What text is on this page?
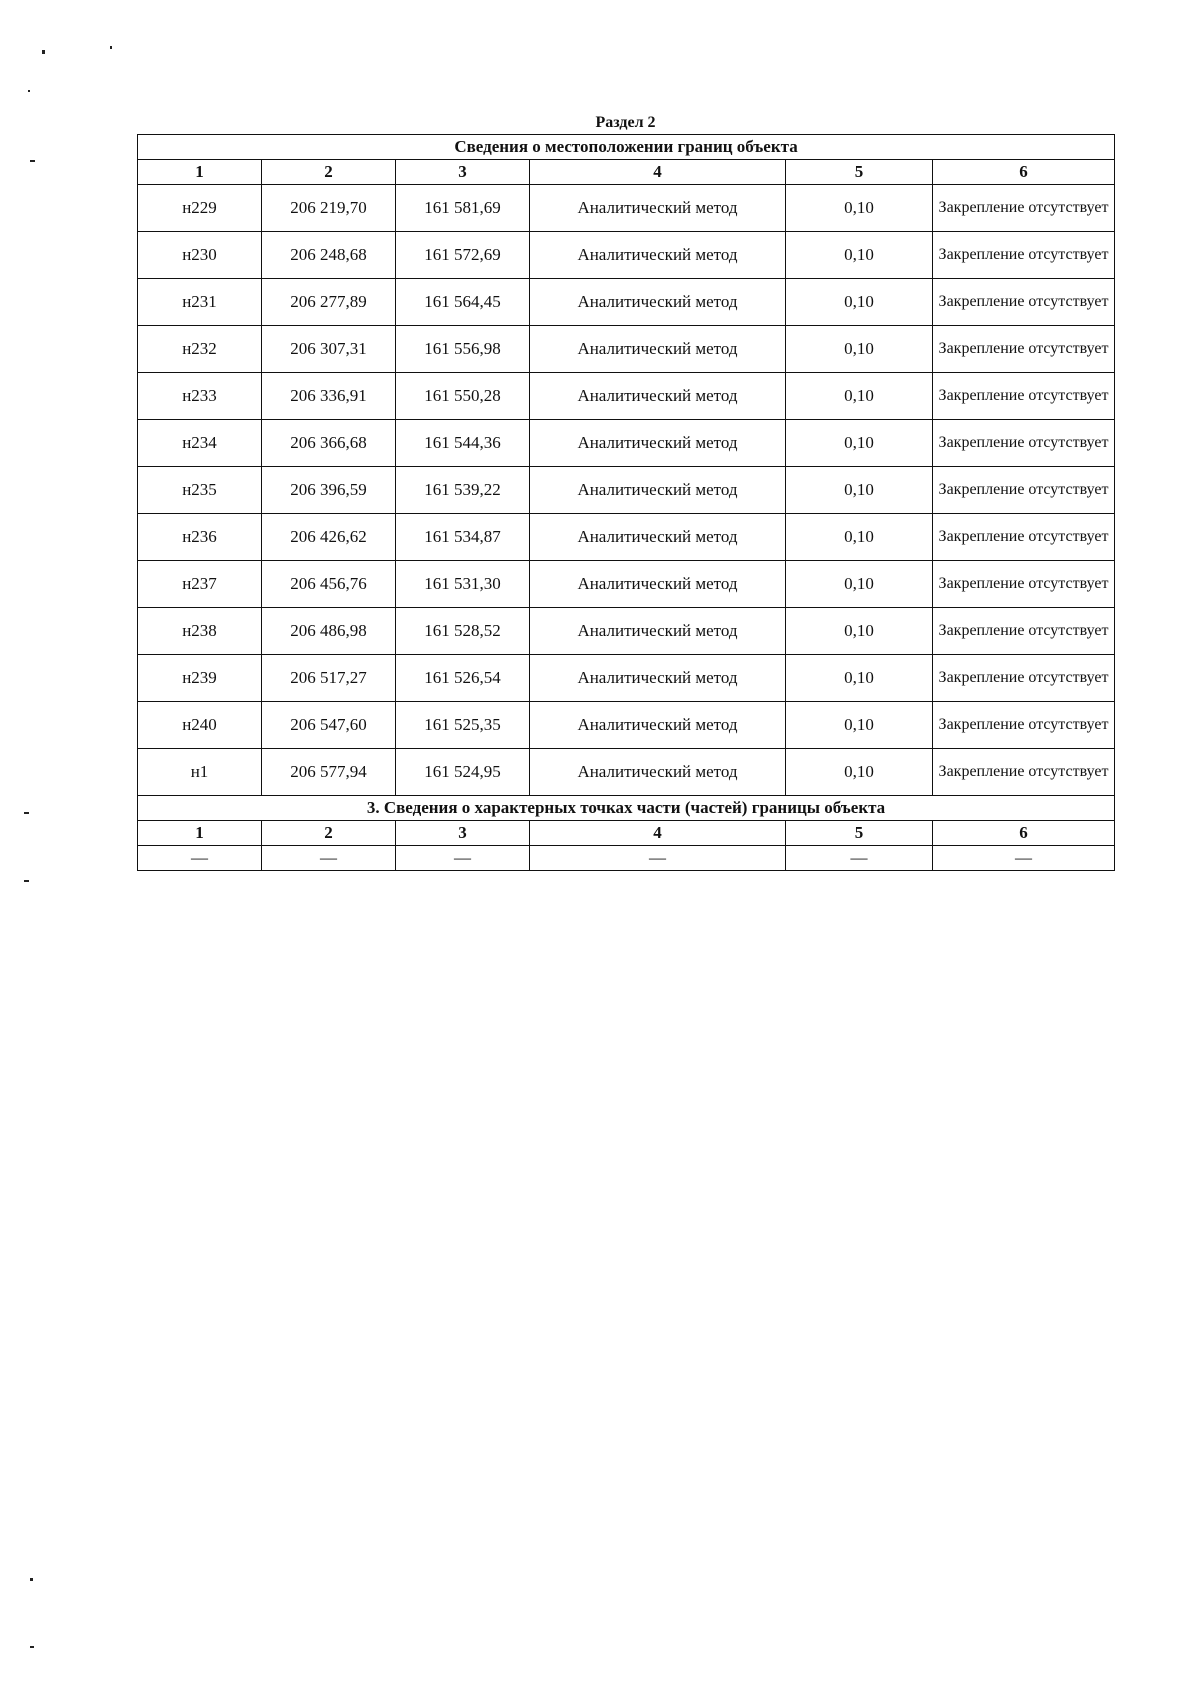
Раздел 2
Сведения о местоположении границ объекта					
1	2	3	4	5	6
н229	206 219,70	161 581,69	Аналитический метод	0,10	Закрепление отсутствует
н230	206 248,68	161 572,69	Аналитический метод	0,10	Закрепление отсутствует
н231	206 277,89	161 564,45	Аналитический метод	0,10	Закрепление отсутствует
н232	206 307,31	161 556,98	Аналитический метод	0,10	Закрепление отсутствует
н233	206 336,91	161 550,28	Аналитический метод	0,10	Закрепление отсутствует
н234	206 366,68	161 544,36	Аналитический метод	0,10	Закрепление отсутствует
н235	206 396,59	161 539,22	Аналитический метод	0,10	Закрепление отсутствует
н236	206 426,62	161 534,87	Аналитический метод	0,10	Закрепление отсутствует
н237	206 456,76	161 531,30	Аналитический метод	0,10	Закрепление отсутствует
н238	206 486,98	161 528,52	Аналитический метод	0,10	Закрепление отсутствует
н239	206 517,27	161 526,54	Аналитический метод	0,10	Закрепление отсутствует
н240	206 547,60	161 525,35	Аналитический метод	0,10	Закрепление отсутствует
н1	206 577,94	161 524,95	Аналитический метод	0,10	Закрепление отсутствует
3. Сведения о характерных точках части (частей) границы объекта					
1	2	3	4	5	6
—	—	—	—	—	—
